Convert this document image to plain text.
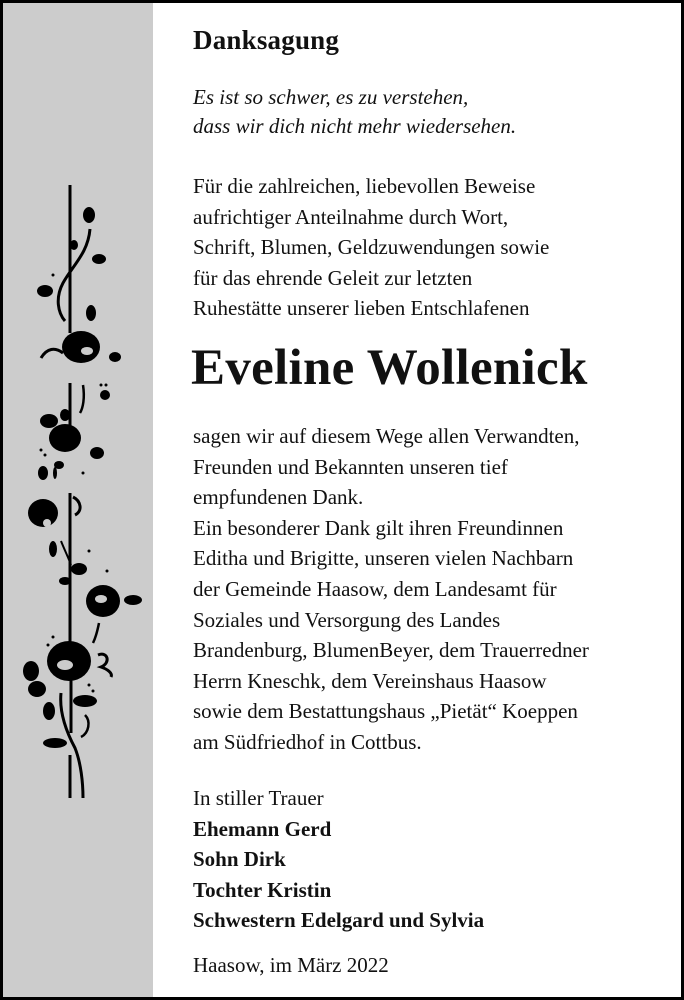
Danksagung
Es ist so schwer, es zu verstehen,
dass wir dich nicht mehr wiedersehen.
Für die zahlreichen, liebevollen Beweise
aufrichtiger Anteilnahme durch Wort,
Schrift, Blumen, Geldzuwendungen sowie
für das ehrende Geleit zur letzten
Ruhestätte unserer lieben Entschlafenen
Eveline Wollenick
sagen wir auf diesem Wege allen Verwandten,
Freunden und Bekannten unseren tief
empfundenen Dank.
Ein besonderer Dank gilt ihren Freundinnen
Editha und Brigitte, unseren vielen Nachbarn
der Gemeinde Haasow, dem Landesamt für
Soziales und Versorgung des Landes
Brandenburg, BlumenBeyer, dem Trauerredner
Herrn Kneschk, dem Vereinshaus Haasow
sowie dem Bestattungshaus „Pietät“ Koeppen
am Südfriedhof in Cottbus.
In stiller Trauer
Ehemann Gerd
Sohn Dirk
Tochter Kristin
Schwestern Edelgard und Sylvia
Haasow, im März 2022
